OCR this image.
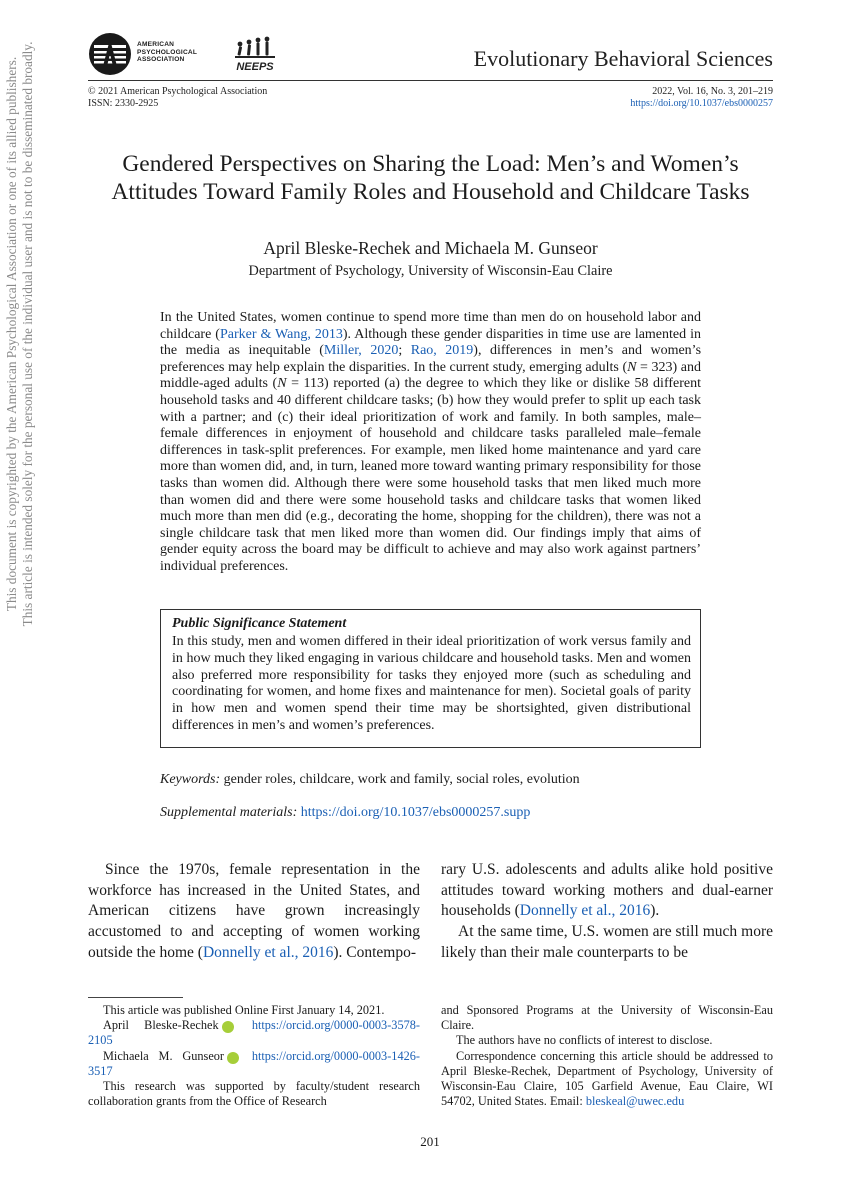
AMERICAN
PSYCHOLOGICAL
ASSOCIATION
NEEPS	Evolutionary Behavioral Sciences
© 2021 American Psychological Association
ISSN: 2330-2925
2022, Vol. 16, No. 3, 201–219
https://doi.org/10.1037/ebs0000257
Gendered Perspectives on Sharing the Load: Men’s and Women’s
Attitudes Toward Family Roles and Household and Childcare Tasks
April Bleske-Rechek and Michaela M. Gunseor
Department of Psychology, University of Wisconsin-Eau Claire

In the United States, women continue to spend more time than men do on household labor and childcare (Parker & Wang, 2013). Although these gender disparities in time use are lamented in the media as inequitable (Miller, 2020; Rao, 2019), differences in men’s and women’s preferences may help explain the disparities. In the current study, emerging adults (N = 323) and middle-aged adults (N = 113) reported (a) the degree to which they like or dislike 58 different household tasks and 40 different childcare tasks; (b) how they would prefer to split up each task with a partner; and (c) their ideal prioritization of work and family. In both samples, male–female differences in enjoyment of household and childcare tasks paralleled male–female differences in task-split preferences. For example, men liked home maintenance and yard care more than women did, and, in turn, leaned more toward wanting primary responsibility for those tasks than women did. Although there were some household tasks that men liked much more than women did and there were some household tasks and childcare tasks that women liked much more than men did (e.g., decorating the home, shopping for the children), there was not a single childcare task that men liked more than women did. Our findings imply that aims of gender equity across the board may be difficult to achieve and may also work against partners’ individual preferences.

Public Significance Statement
In this study, men and women differed in their ideal prioritization of work versus family and in how much they liked engaging in various childcare and household tasks. Men and women also preferred more responsibility for tasks they enjoyed more (such as scheduling and coordinating for women, and home fixes and maintenance for men). Societal goals of parity in how men and women spend their time may be shortsighted, given distributional differences in men’s and women’s preferences.
Keywords: gender roles, childcare, work and family, social roles, evolution
Supplemental materials: https://doi.org/10.1037/ebs0000257.supp

Since the 1970s, female representation in the workforce has increased in the United States, and American citizens have grown increasingly accustomed to and accepting of women working outside the home (Donnelly et al., 2016). Contempo-

rary U.S. adolescents and adults alike hold positive attitudes toward working mothers and dual-earner households (Donnelly et al., 2016).

At the same time, U.S. women are still much more likely than their male counterparts to be

This article was published Online First January 14, 2021.

April Bleske-Rechek iD https://orcid.org/0000-0003-3578-2105

Michaela M. Gunseor iD https://orcid.org/0000-0003-1426-3517

This research was supported by faculty/student research collaboration grants from the Office of Research

and Sponsored Programs at the University of Wisconsin-Eau Claire.

The authors have no conflicts of interest to disclose.

Correspondence concerning this article should be addressed to April Bleske-Rechek, Department of Psychology, University of Wisconsin-Eau Claire, 105 Garfield Avenue, Eau Claire, WI 54702, United States. Email: bleskeal@uwec.edu

201
This document is copyrighted by the American Psychological Association or one of its allied publishers. This article is intended solely for the personal use of the individual user and is not to be disseminated broadly.
